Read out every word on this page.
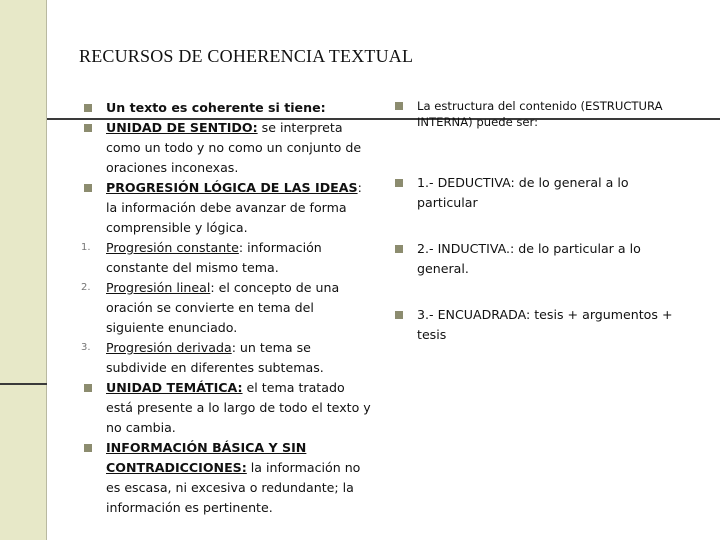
RECURSOS DE COHERENCIA TEXTUAL
Un texto es coherente si tiene:
UNIDAD DE SENTIDO: se interpreta como un todo y no como un conjunto de oraciones inconexas.
PROGRESIÓN LÓGICA DE LAS IDEAS: la información debe avanzar de forma comprensible y lógica.
1. Progresión constante: información constante del mismo tema.
2. Progresión lineal: el concepto de una oración se convierte en tema del siguiente enunciado.
3. Progresión derivada: un tema se subdivide en diferentes subtemas.
UNIDAD TEMÁTICA: el tema tratado está presente a lo largo de todo el texto y no cambia.
INFORMACIÓN BÁSICA Y SIN CONTRADICCIONES: la información no es escasa, ni excesiva o redundante; la información es pertinente.
La estructura del contenido (ESTRUCTURA INTERNA) puede ser:
1.- DEDUCTIVA: de lo general a lo particular
2.- INDUCTIVA.: de lo particular a lo general.
3.- ENCUADRADA: tesis + argumentos + tesis
